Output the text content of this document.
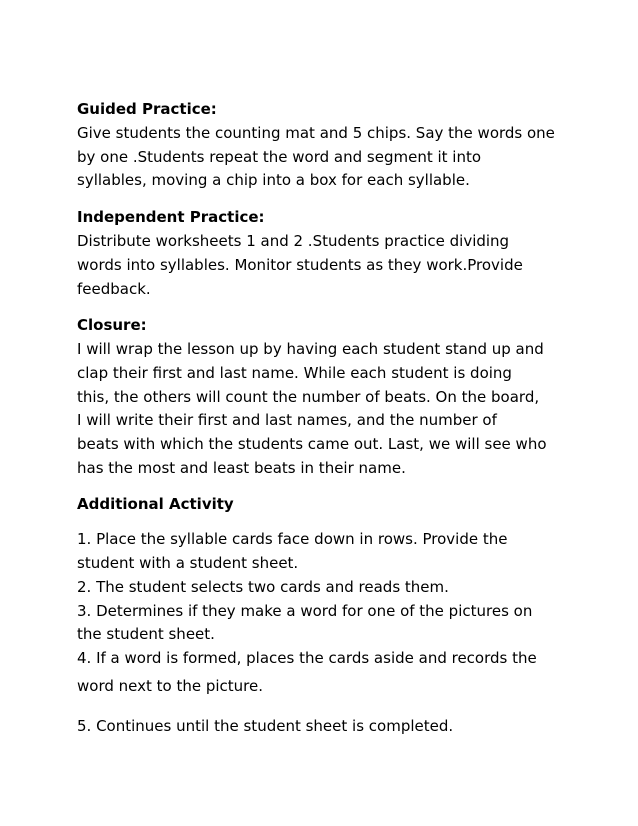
Guided Practice:
Give students the counting mat and 5 chips. Say the words one
by one .Students repeat the word and segment it into
syllables, moving a chip into a box for each syllable.
Independent Practice:
Distribute worksheets 1 and 2 .Students practice dividing
words into syllables. Monitor students as they work.Provide
feedback.
Closure:
I will wrap the lesson up by having each student stand up and
clap their first and last name. While each student is doing
this, the others will count the number of beats. On the board,
I will write their first and last names, and the number of
beats with which the students came out. Last, we will see who
has the most and least beats in their name.
Additional Activity
1. Place the syllable cards face down in rows. Provide the
student with a student sheet.
2. The student selects two cards and reads them.
3. Determines if they make a word for one of the pictures on
the student sheet.
4. If a word is formed, places the cards aside and records the
word next to the picture.
5. Continues until the student sheet is completed.
